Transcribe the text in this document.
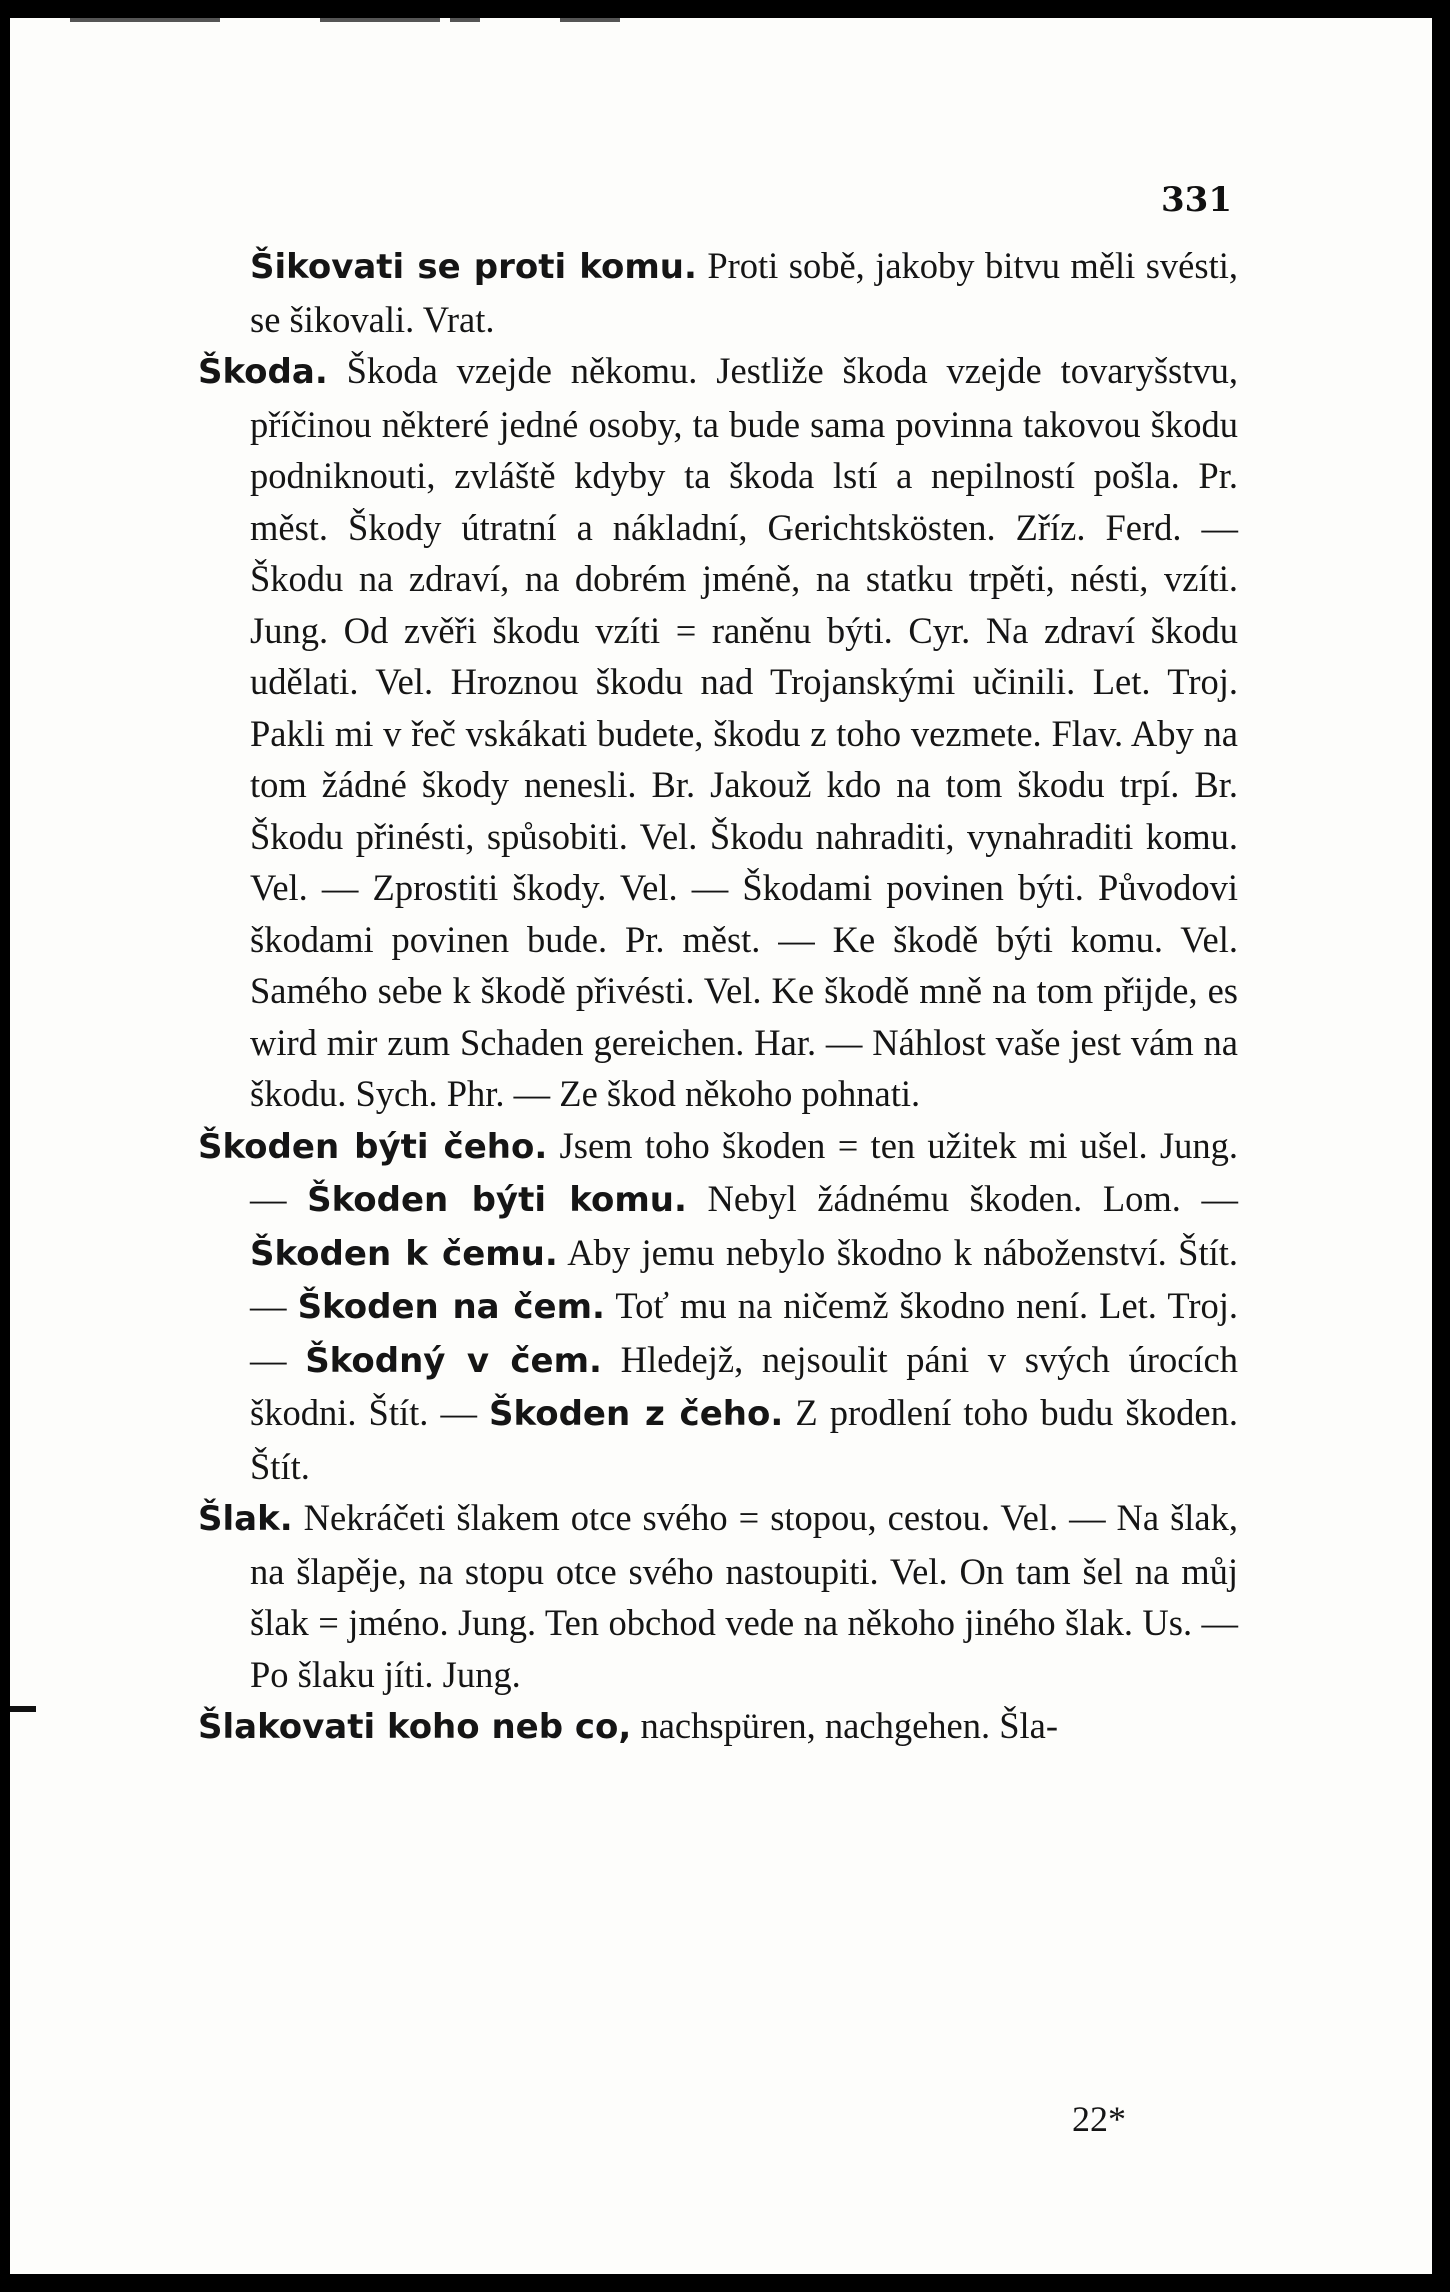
331

Šikovati se proti komu. Proti sobě, jakoby bitvu měli svésti, se šikovali. Vrat.

Škoda. Škoda vzejde někomu. Jestliže škoda vzejde tovaryšstvu, příčinou některé jedné osoby, ta bude sama povinna takovou škodu podniknouti, zvláště kdyby ta škoda lstí a nepilností pošla. Pr. měst. Škody útratní a nákladní, Gerichtsköstеn. Zříz. Ferd. — Škodu na zdraví, na dobrém jméně, na statku trpěti, nésti, vzíti. Jung. Od zvěři škodu vzíti = raněnu býti. Cyr. Na zdraví škodu udělati. Vel. Hroznou škodu nad Trojanskými učinili. Let. Troj. Pakli mi v řeč vskákati budete, škodu z toho vezmete. Flav. Aby na tom žádné škody nenesli. Br. Jakouž kdo na tom škodu trpí. Br. Škodu přinésti, spůsobiti. Vel. Škodu nahraditi, vynahraditi komu. Vel. — Zprostiti škody. Vel. — Škodami povinen býti. Původovi škodami povinen bude. Pr. měst. — Ke škodě býti komu. Vel. Samého sebe k škodě přivésti. Vel. Ke škodě mně na tom přijde, es wird mir zum Schaden gereichen. Har. — Náhlost vaše jest vám na škodu. Sych. Phr. — Ze škod někoho pohnati.

Škoden býti čeho. Jsem toho škoden = ten užitek mi ušel. Jung. — Škoden býti komu. Nebyl žádnému škoden. Lom. — Škoden k čemu. Aby jemu nebylo škodno k náboženství. Štít. — Škoden na čem. Toť mu na ničemž škodno není. Let. Troj. — Škodný v čem. Hledejž, nejsoulit páni v svých úrocích škodni. Štít. — Škoden z čeho. Z prodlení toho budu škoden. Štít.

Šlak. Nekráčeti šlakem otce svého = stopou, cestou. Vel. — Na šlak, na šlapěje, na stopu otce svého nastoupiti. Vel. On tam šel na můj šlak = jméno. Jung. Ten obchod vede na někoho jiného šlak. Us. — Po šlaku jíti. Jung.

Šlakovati koho neb co, nachspüren, nachgehen. Šla-

22*
